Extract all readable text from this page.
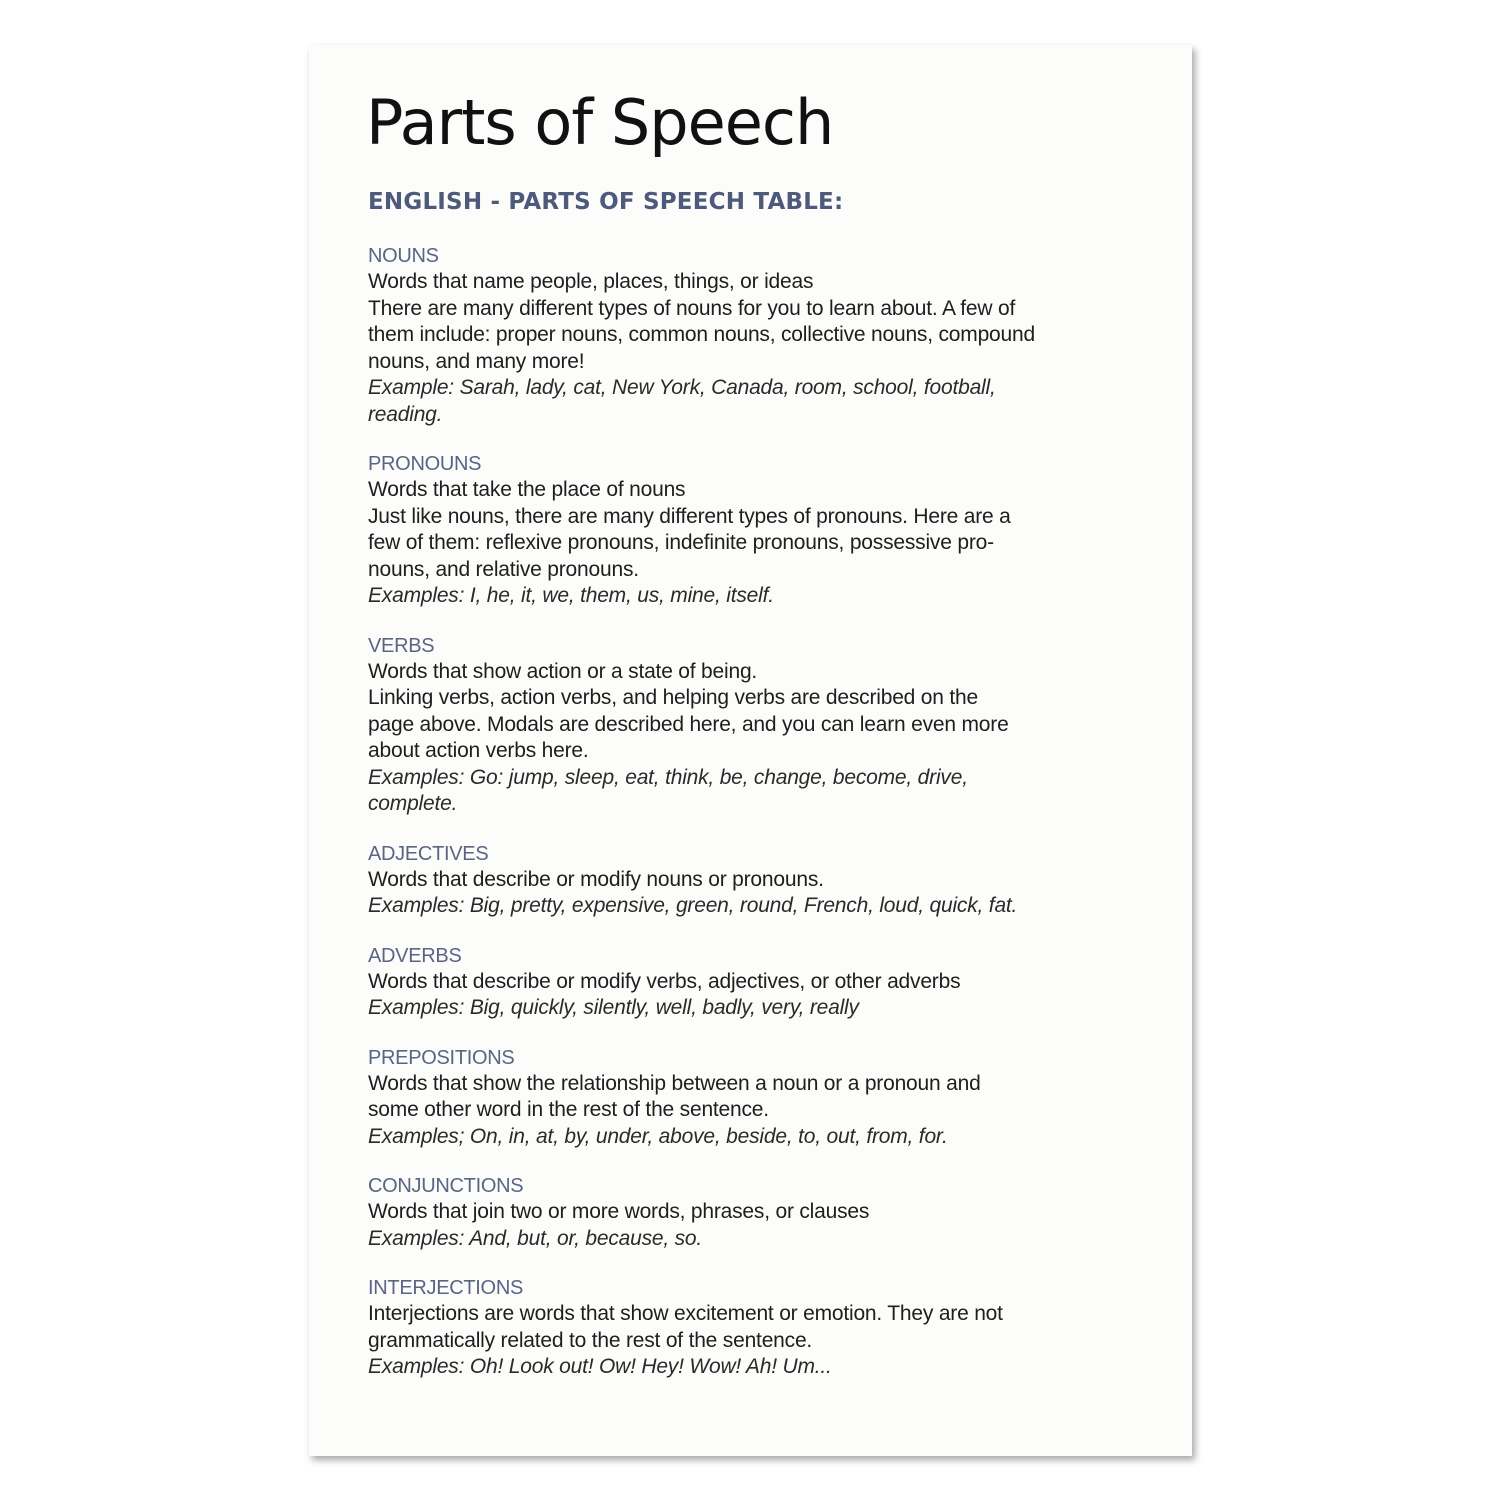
Parts of Speech
ENGLISH - PARTS OF SPEECH TABLE:
NOUNS
Words that name people, places, things, or ideas
There are many different types of nouns for you to learn about. A few of
them include: proper nouns, common nouns, collective nouns, compound
nouns, and many more!
Example: Sarah, lady, cat, New York, Canada, room, school, football,
reading.
PRONOUNS
Words that take the place of nouns
Just like nouns, there are many different types of pronouns. Here are a
few of them: reflexive pronouns, indefinite pronouns, possessive pro-
nouns, and relative pronouns.
Examples: I, he, it, we, them, us, mine, itself.
VERBS
Words that show action or a state of being.
Linking verbs, action verbs, and helping verbs are described on the
page above. Modals are described here, and you can learn even more
about action verbs here.
Examples: Go: jump, sleep, eat, think, be, change, become, drive,
complete.
ADJECTIVES
Words that describe or modify nouns or pronouns.
Examples: Big, pretty, expensive, green, round, French, loud, quick, fat.
ADVERBS
Words that describe or modify verbs, adjectives, or other adverbs
Examples: Big, quickly, silently, well, badly, very, really
PREPOSITIONS
Words that show the relationship between a noun or a pronoun and
some other word in the rest of the sentence.
Examples; On, in, at, by, under, above, beside, to, out, from, for.
CONJUNCTIONS
Words that join two or more words, phrases, or clauses
Examples: And, but, or, because, so.
INTERJECTIONS
Interjections are words that show excitement or emotion. They are not
grammatically related to the rest of the sentence.
Examples: Oh! Look out! Ow! Hey! Wow! Ah! Um...
